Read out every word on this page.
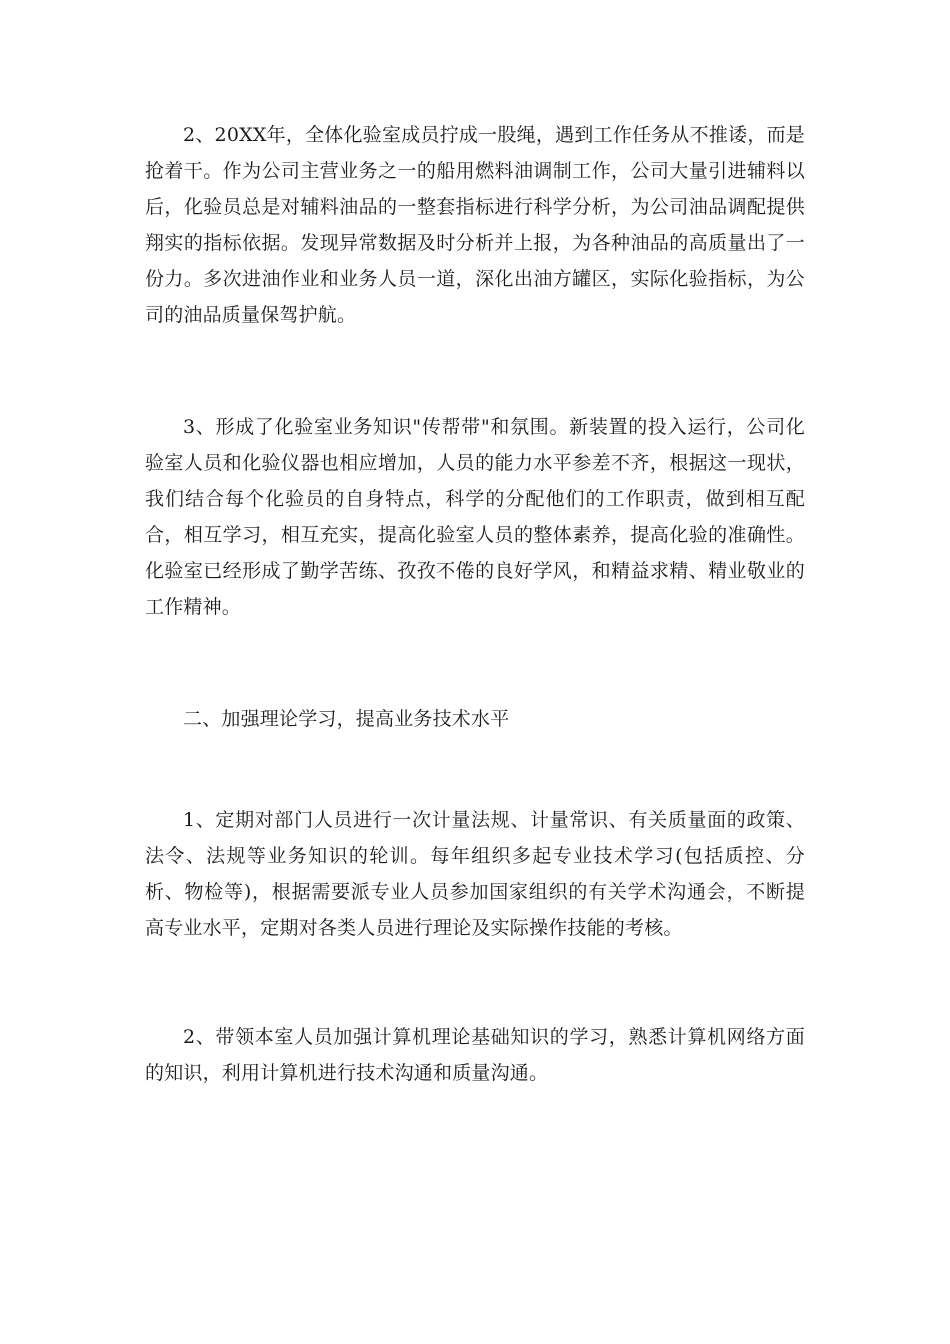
2、20XX年，全体化验室成员拧成一股绳，遇到工作任务从不推诿，而是抢着干。作为公司主营业务之一的船用燃料油调制工作，公司大量引进辅料以后，化验员总是对辅料油品的一整套指标进行科学分析，为公司油品调配提供翔实的指标依据。发现异常数据及时分析并上报，为各种油品的高质量出了一份力。多次进油作业和业务人员一道，深化出油方罐区，实际化验指标，为公司的油品质量保驾护航。

3、形成了化验室业务知识"传帮带"和氛围。新装置的投入运行，公司化验室人员和化验仪器也相应增加，人员的能力水平参差不齐，根据这一现状，我们结合每个化验员的自身特点，科学的分配他们的工作职责，做到相互配合，相互学习，相互充实，提高化验室人员的整体素养，提高化验的准确性。化验室已经形成了勤学苦练、孜孜不倦的良好学风，和精益求精、精业敬业的工作精神。

二、加强理论学习，提高业务技术水平

1、定期对部门人员进行一次计量法规、计量常识、有关质量面的政策、法令、法规等业务知识的轮训。每年组织多起专业技术学习(包括质控、分析、物检等)，根据需要派专业人员参加国家组织的有关学术沟通会，不断提高专业水平，定期对各类人员进行理论及实际操作技能的考核。

2、带领本室人员加强计算机理论基础知识的学习，熟悉计算机网络方面的知识，利用计算机进行技术沟通和质量沟通。
